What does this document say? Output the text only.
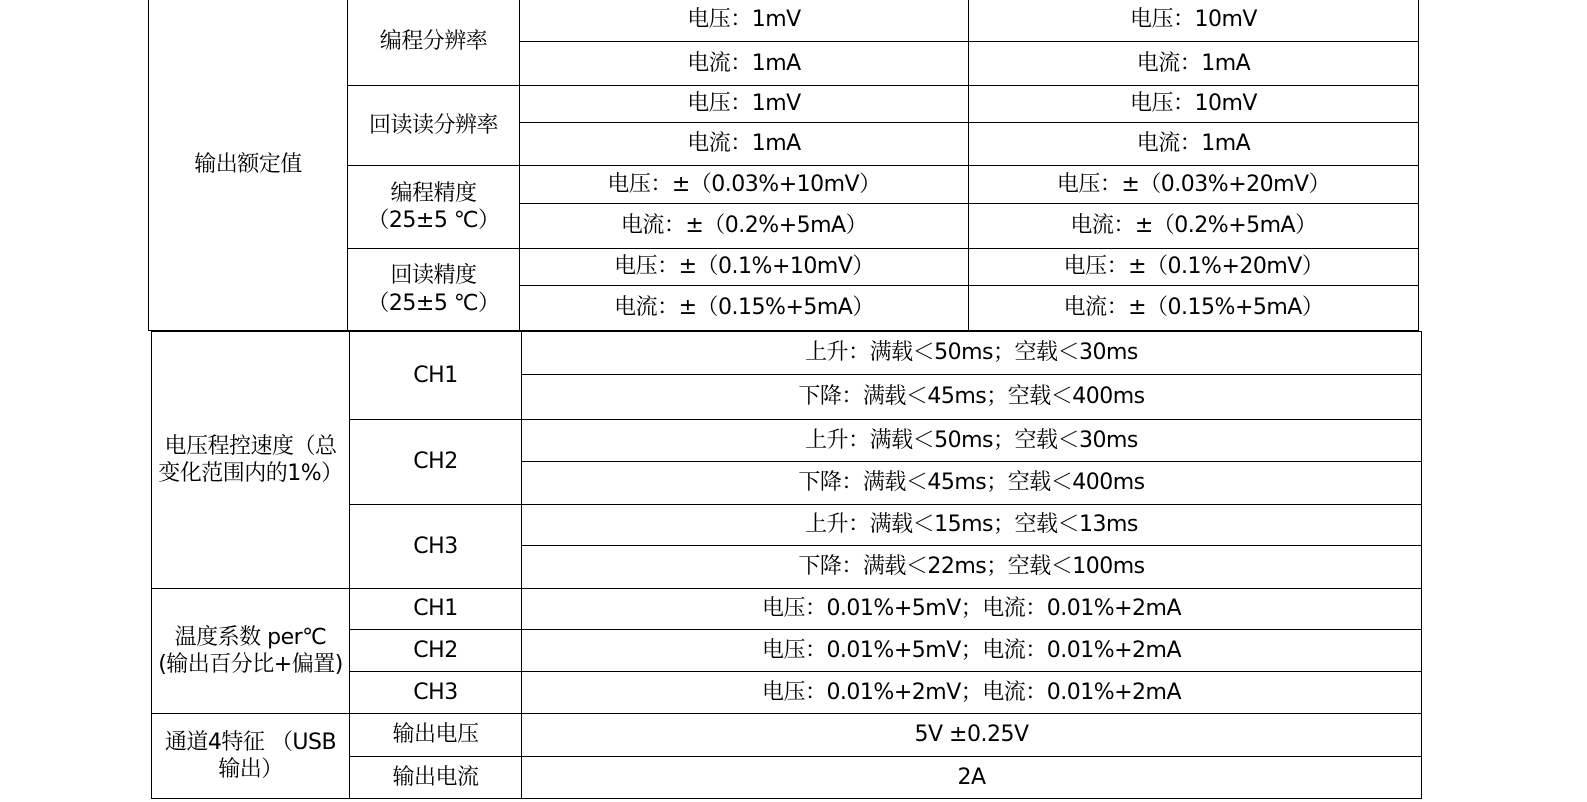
输出额定值	编程分辨率	电压：1mV	电压：10mV
		电流：1mA	电流：1mA
	回读读分辨率	电压：1mV	电压：10mV
		电流：1mA	电流：1mA
	编程精度 （25±5 ℃）	电压：±（0.03%+10mV）	电压：±（0.03%+20mV）
		电流：±（0.2%+5mA）	电流：±（0.2%+5mA）
	回读精度 （25±5 ℃）	电压：±（0.1%+10mV）	电压：±（0.1%+20mV）
		电流：±（0.15%+5mA）	电流：±（0.15%+5mA）
电压程控速度（总变化范围内的1%）	CH1	上升：满载＜50ms；空载＜30ms
		下降：满载＜45ms；空载＜400ms
	CH2	上升：满载＜50ms；空载＜30ms
		下降：满载＜45ms；空载＜400ms
	CH3	上升：满载＜15ms；空载＜13ms
		下降：满载＜22ms；空载＜100ms

温度系数 per℃
(输出百分比+偏置)	CH1	电压：0.01%+5mV；电流：0.01%+2mA
	CH2	电压：0.01%+5mV；电流：0.01%+2mA
	CH3	电压：0.01%+2mV；电流：0.01%+2mA
通道4特征 （USB输出）	输出电压	5V ±0.25V
	输出电流	2A
